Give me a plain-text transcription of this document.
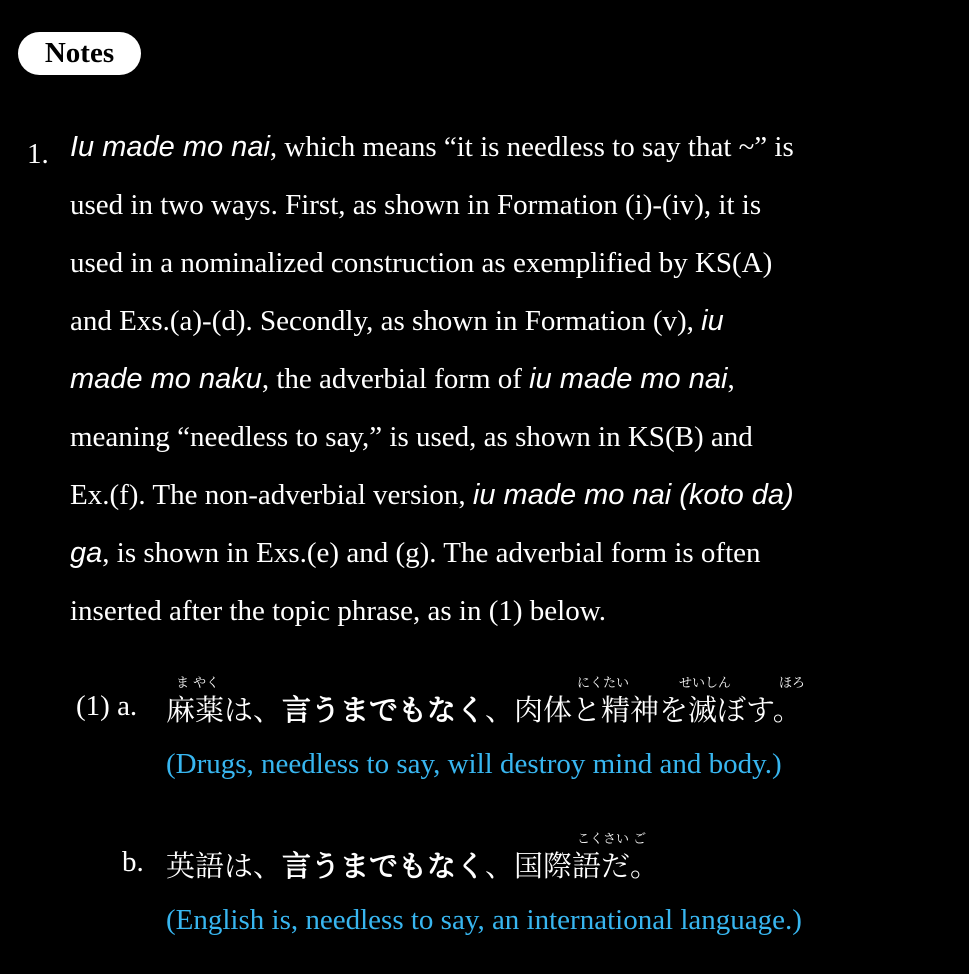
Notes
1. Iu made mo nai, which means “it is needless to say that ~” is
used in two ways. First, as shown in Formation (i)-(iv), it is
used in a nominalized construction as exemplified by KS(A)
and Exs.(a)-(d). Secondly, as shown in Formation (v), iu
made mo naku, the adverbial form of iu made mo nai,
meaning “needless to say,” is used, as shown in KS(B) and
Ex.(f). The non-adverbial version, iu made mo nai (koto da)
ga, is shown in Exs.(e) and (g). The adverbial form is often
inserted after the topic phrase, as in (1) below.
ま やく	にくたい	せいしん	ほろ
(1) a. 麻薬は、言うまでもなく、肉体と精神を滅ぼす。
(Drugs, needless to say, will destroy mind and body.)
こくさい ご
b. 英語は、言うまでもなく、国際語だ。
(English is, needless to say, an international language.)
